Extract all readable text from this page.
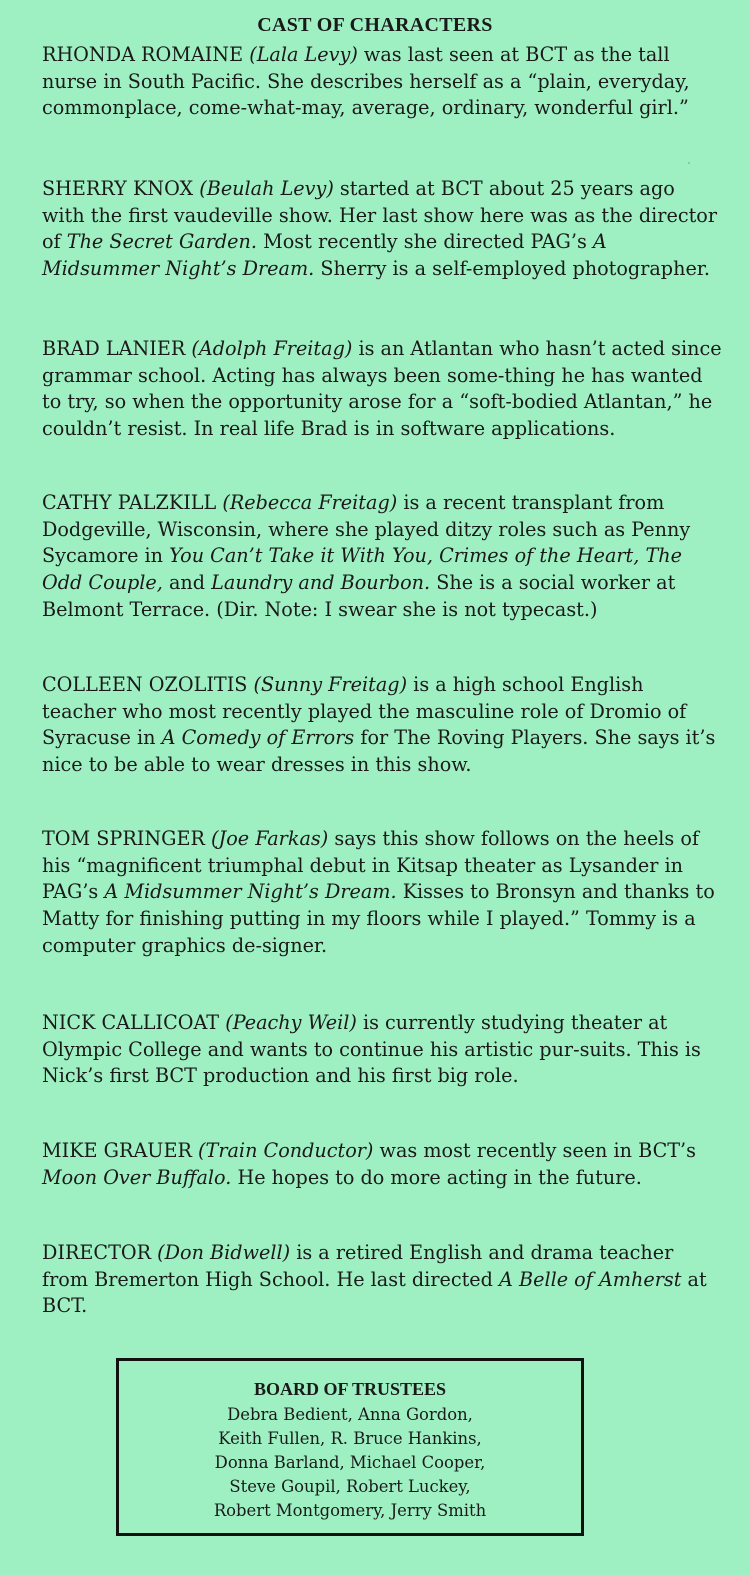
CAST OF CHARACTERS

RHONDA ROMAINE (Lala Levy) was last seen at BCT as the tall nurse in South Pacific. She describes herself as a “plain, everyday, commonplace, come-what-may, average, ordinary, wonderful girl.”

SHERRY KNOX (Beulah Levy) started at BCT about 25 years ago with the first vaudeville show. Her last show here was as the director of The Secret Garden. Most recently she directed PAG’s A Midsummer Night’s Dream. Sherry is a self-employed photographer.

BRAD LANIER (Adolph Freitag) is an Atlantan who hasn’t acted since grammar school. Acting has always been some-thing he has wanted to try, so when the opportunity arose for a “soft-bodied Atlantan,” he couldn’t resist. In real life Brad is in software applications.

CATHY PALZKILL (Rebecca Freitag) is a recent transplant from Dodgeville, Wisconsin, where she played ditzy roles such as Penny Sycamore in You Can’t Take it With You, Crimes of the Heart, The Odd Couple, and Laundry and Bourbon. She is a social worker at Belmont Terrace. (Dir. Note: I swear she is not typecast.)

COLLEEN OZOLITIS (Sunny Freitag) is a high school English teacher who most recently played the masculine role of Dromio of Syracuse in A Comedy of Errors for The Roving Players. She says it’s nice to be able to wear dresses in this show.

TOM SPRINGER (Joe Farkas) says this show follows on the heels of his “magnificent triumphal debut in Kitsap theater as Lysander in PAG’s A Midsummer Night’s Dream. Kisses to Bronsyn and thanks to Matty for finishing putting in my floors while I played.” Tommy is a computer graphics de-signer.

NICK CALLICOAT (Peachy Weil) is currently studying theater at Olympic College and wants to continue his artistic pur-suits. This is Nick’s first BCT production and his first big role.

MIKE GRAUER (Train Conductor) was most recently seen in BCT’s Moon Over Buffalo. He hopes to do more acting in the future.

DIRECTOR (Don Bidwell) is a retired English and drama teacher from Bremerton High School. He last directed A Belle of Amherst at BCT.

BOARD OF TRUSTEES
Debra Bedient, Anna Gordon,
Keith Fullen, R. Bruce Hankins,
Donna Barland, Michael Cooper,
Steve Goupil, Robert Luckey,
Robert Montgomery, Jerry Smith
